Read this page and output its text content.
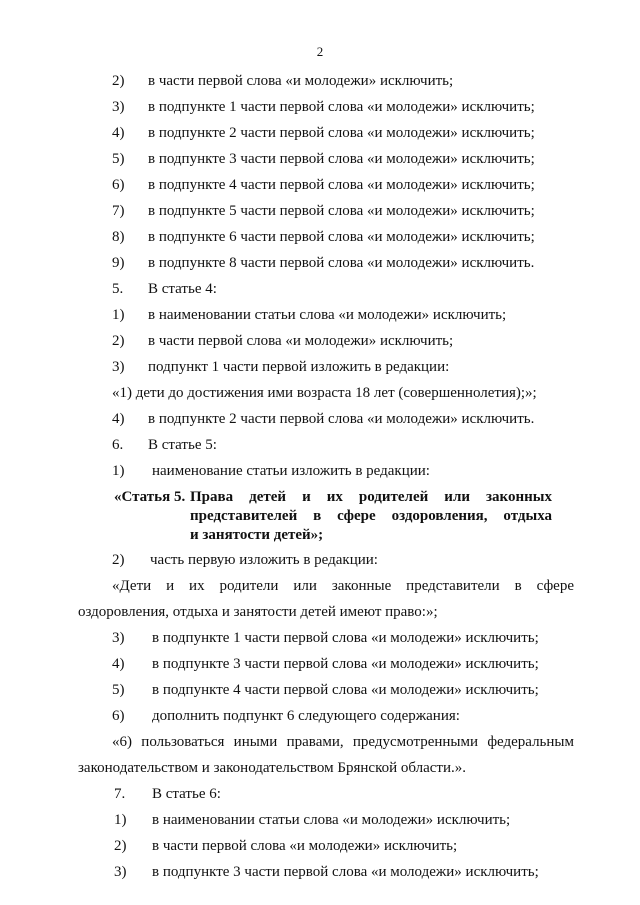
2
2) в части первой слова «и молодежи» исключить;
3) в подпункте 1 части первой слова «и молодежи» исключить;
4) в подпункте 2 части первой слова «и молодежи» исключить;
5) в подпункте 3 части первой слова «и молодежи» исключить;
6) в подпункте 4 части первой слова «и молодежи» исключить;
7) в подпункте 5 части первой слова «и молодежи» исключить;
8) в подпункте 6 части первой слова «и молодежи» исключить;
9) в подпункте 8 части первой слова «и молодежи» исключить.
5. В статье 4:
1) в наименовании статьи слова «и молодежи» исключить;
2) в части первой слова «и молодежи» исключить;
3) подпункт 1 части первой изложить в редакции:
«1) дети до достижения ими возраста 18 лет (совершеннолетия);»;
4) в подпункте 2 части первой слова «и молодежи» исключить.
6. В статье 5:
1) наименование статьи изложить в редакции:
«Статья 5. Права детей и их родителей или законных
представителей в сфере оздоровления, отдыха
и занятости детей»;
2) часть первую изложить в редакции:
«Дети и их родители или законные представители в сфере
оздоровления, отдыха и занятости детей имеют право:»;
3) в подпункте 1 части первой слова «и молодежи» исключить;
4) в подпункте 3 части первой слова «и молодежи» исключить;
5) в подпункте 4 части первой слова «и молодежи» исключить;
6) дополнить подпункт 6 следующего содержания:
«6) пользоваться иными правами, предусмотренными федеральным
законодательством и законодательством Брянской области.».
7. В статье 6:
1) в наименовании статьи слова «и молодежи» исключить;
2) в части первой слова «и молодежи» исключить;
3) в подпункте 3 части первой слова «и молодежи» исключить;
